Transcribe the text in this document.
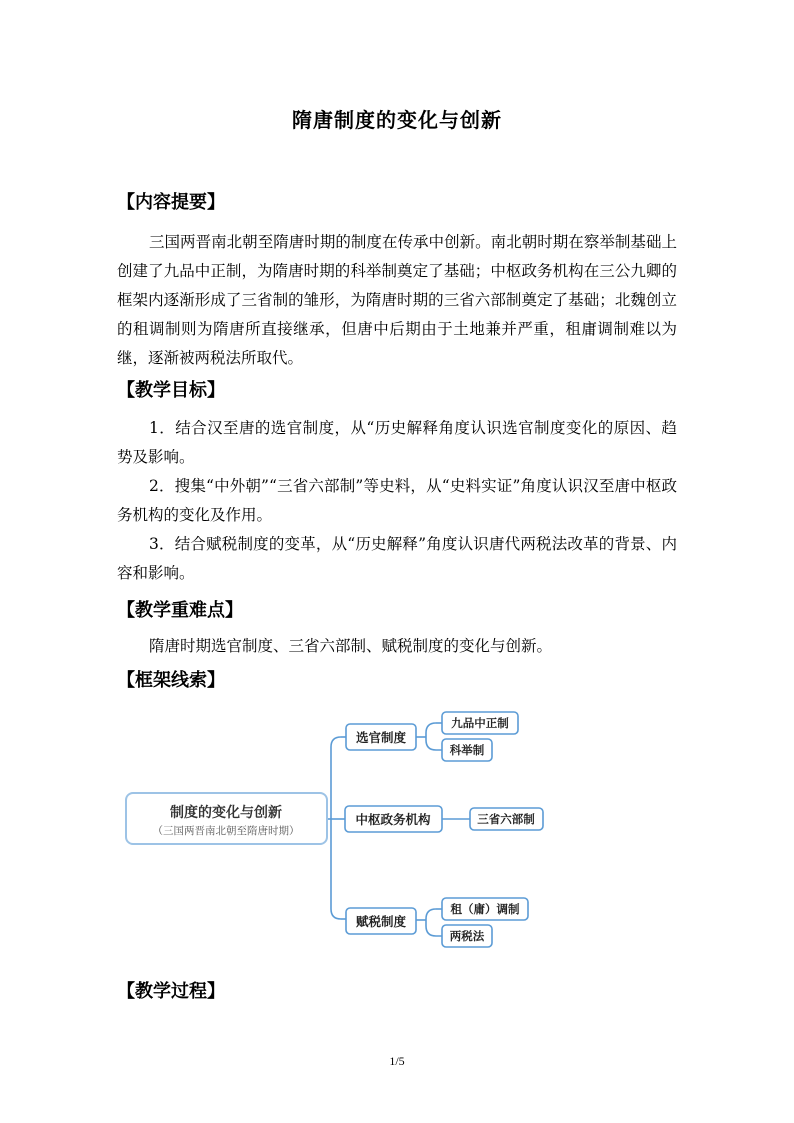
隋唐制度的变化与创新
【内容提要】
三国两晋南北朝至隋唐时期的制度在传承中创新。南北朝时期在察举制基础上创建了九品中正制，为隋唐时期的科举制奠定了基础；中枢政务机构在三公九卿的框架内逐渐形成了三省制的雏形，为隋唐时期的三省六部制奠定了基础；北魏创立的租调制则为隋唐所直接继承，但唐中后期由于土地兼并严重，租庸调制难以为继，逐渐被两税法所取代。
【教学目标】
1．结合汉至唐的选官制度，从“历史解释角度认识选官制度变化的原因、趋势及影响。
2．搜集“中外朝”“三省六部制”等史料，从“史料实证”角度认识汉至唐中枢政务机构的变化及作用。
3．结合赋税制度的变革，从“历史解释”角度认识唐代两税法改革的背景、内容和影响。
【教学重难点】
隋唐时期选官制度、三省六部制、赋税制度的变化与创新。
【框架线索】
制度的变化与创新
（三国两晋南北朝至隋唐时期）
选官制度
中枢政务机构
赋税制度
九品中正制
科举制
三省六部制
租（庸）调制
两税法
【教学过程】
1/5
